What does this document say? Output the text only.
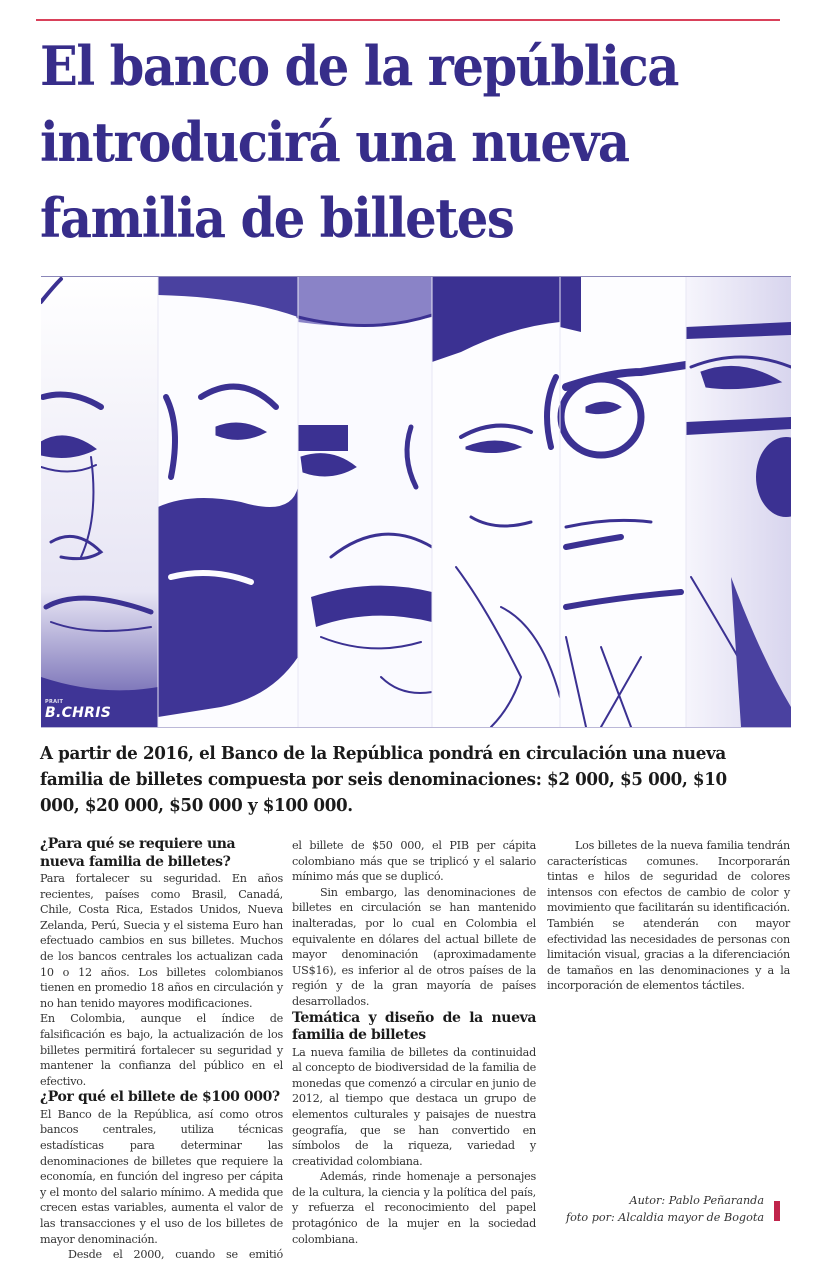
El banco de la república introducirá una nueva familia de billetes
PRAIT
B.CHRIS

A partir de 2016, el Banco de la República pondrá en circulación una nueva familia de billetes compuesta por seis denominaciones: $2 000, $5 000, $10 000, $20 000, $50 000 y $100 000.

¿Para qué se requiere una nueva familia de billetes?

Para fortalecer su seguridad. En años recientes, países como Brasil, Canadá, Chile, Costa Rica, Estados Unidos, Nueva Zelanda, Perú, Suecia y el sistema Euro han efectuado cambios en sus billetes. Muchos de los bancos centrales los actualizan cada 10 o 12 años. Los billetes colombianos tienen en promedio 18 años en circulación y no han tenido mayores modificaciones.

En Colombia, aunque el índice de falsificación es bajo, la actualización de los billetes permitirá fortalecer su seguridad y mantener la confianza del público en el efectivo.

¿Por qué el billete de $100 000?

El Banco de la República, así como otros bancos centrales, utiliza técnicas estadísticas para determinar las denominaciones de billetes que requiere la economía, en función del ingreso per cápita y el monto del salario mínimo. A medida que crecen estas variables, aumenta el valor de las transacciones y el uso de los billetes de mayor denominación.

Desde el 2000, cuando se emitió

el billete de $50 000, el PIB per cápita colombiano más que se triplicó y el salario mínimo más que se duplicó.

Sin embargo, las denominaciones de billetes en circulación se han mantenido inalteradas, por lo cual en Colombia el equivalente en dólares del actual billete de mayor denominación (aproximadamente US$16), es inferior al de otros países de la región y de la gran mayoría de países desarrollados.

Temática y diseño de la nueva familia de billetes

La nueva familia de billetes da continuidad al concepto de biodiversidad de la familia de monedas que comenzó a circular en junio de 2012, al tiempo que destaca un grupo de elementos culturales y paisajes de nuestra geografía, que se han convertido en símbolos de la riqueza, variedad y creatividad colombiana.

Además, rinde homenaje a personajes de la cultura, la ciencia y la política del país, y refuerza el reconocimiento del papel protagónico de la mujer en la sociedad colombiana.

Los billetes de la nueva familia tendrán características comunes. Incorporarán tintas e hilos de seguridad de colores intensos con efectos de cambio de color y movimiento que facilitarán su identificación. También se atenderán con mayor efectividad las necesidades de personas con limitación visual, gracias a la diferenciación de tamaños en las denominaciones y a la incorporación de elementos táctiles.

Autor: Pablo Peñaranda
foto por: Alcaldia mayor de Bogota
